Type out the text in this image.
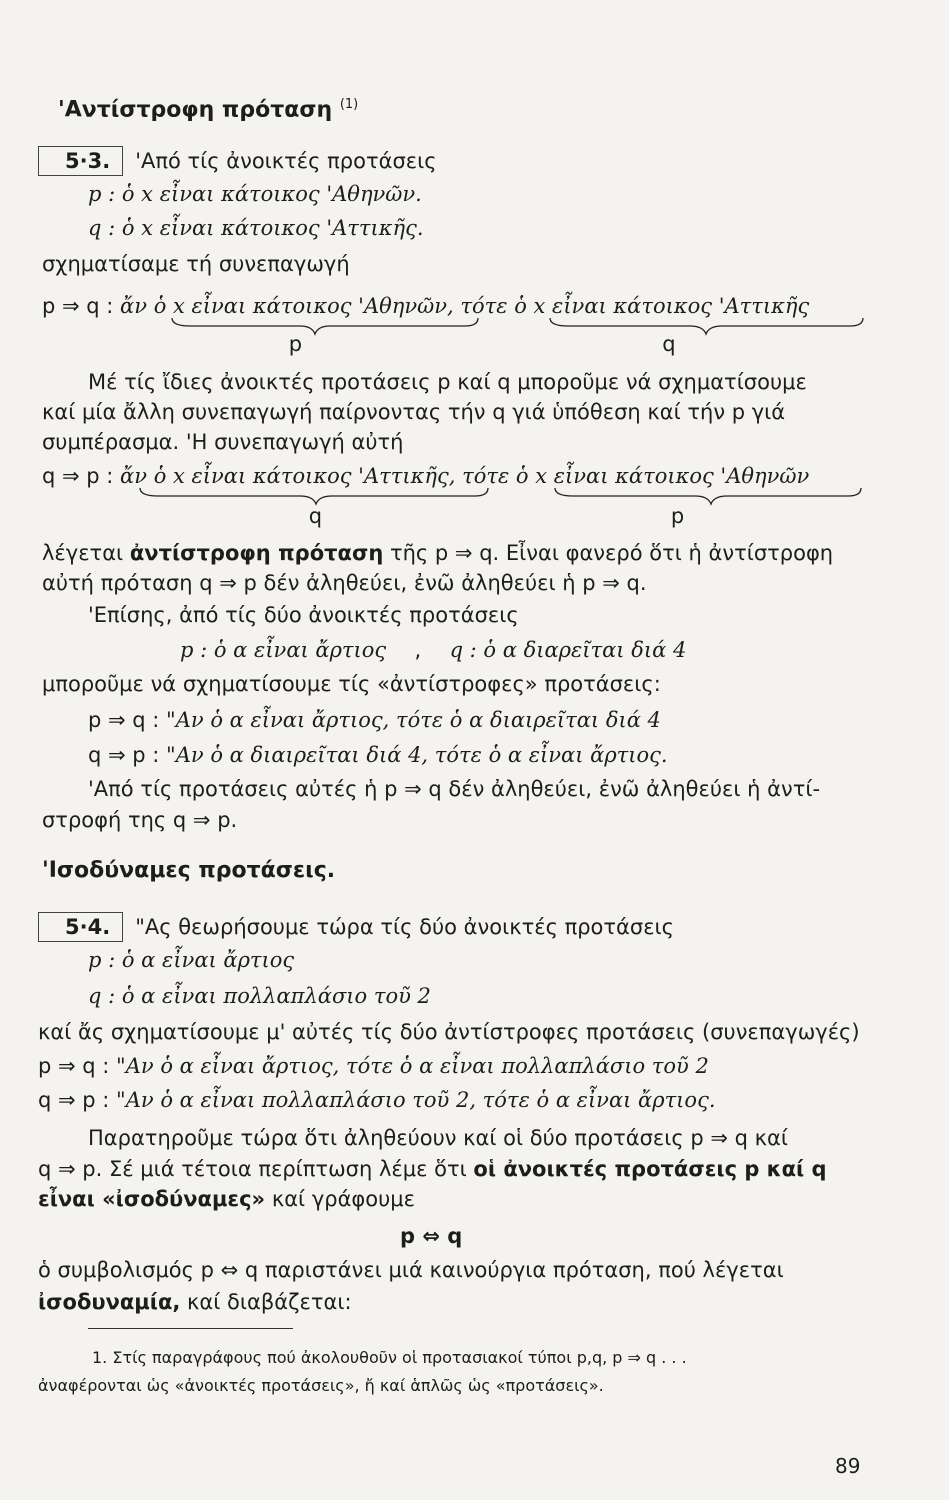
'Αντίστροφη πρόταση $^{(1)}$
5·3. 'Από τίς ἀνοικτές προτάσεις
p : ὁ x εἶναι κάτοικος 'Αθηνῶν.
q : ὁ x εἶναι κάτοικος 'Αττικῆς.
σχηματίσαμε τή συνεπαγωγή
p ⇒ q : ἄν ὁ x εἶναι κάτοικος 'Αθηνῶν,
p
τότε ὁ x εἶναι κάτοικος 'Αττικῆς
q
Μέ τίς ἴδιες ἀνοικτές προτάσεις p καί q μποροῦμε νά σχηματίσουμε
καί μία ἄλλη συνεπαγωγή παίρνοντας τήν q γιά ὑπόθεση καί τήν p γιά
συμπέρασμα. 'Η συνεπαγωγή αὐτή
q ⇒ p : ἄν ὁ x εἶναι κάτοικος 'Αττικῆς,
q
τότε ὁ x εἶναι κάτοικος 'Αθηνῶν
p
λέγεται ἀντίστροφη πρόταση τῆς p ⇒ q. Εἶναι φανερό ὅτι ἡ ἀντίστροφη
αὐτή πρόταση q ⇒ p δέν ἀληθεύει, ἐνῶ ἀληθεύει ἡ p ⇒ q.
'Επίσης, ἀπό τίς δύο ἀνοικτές προτάσεις
p : ὁ α εἶναι ἄρτιος , q : ὁ α διαρεῖται διά 4
μποροῦμε νά σχηματίσουμε τίς «ἀντίστροφες» προτάσεις:
p ⇒ q : "Αν ὁ α εἶναι ἄρτιος, τότε ὁ α διαιρεῖται διά 4
q ⇒ p : "Αν ὁ α διαιρεῖται διά 4, τότε ὁ α εἶναι ἄρτιος.
'Από τίς προτάσεις αὐτές ἡ p ⇒ q δέν ἀληθεύει, ἐνῶ ἀληθεύει ἡ ἀντί-
στροφή της q ⇒ p.
'Ισοδύναμες προτάσεις.
5·4. "Ας θεωρήσουμε τώρα τίς δύο ἀνοικτές προτάσεις
p : ὁ α εἶναι ἄρτιος
q : ὁ α εἶναι πολλαπλάσιο τοῦ 2
καί ἄς σχηματίσουμε μ' αὐτές τίς δύο ἀντίστροφες προτάσεις (συνεπαγωγές)
p ⇒ q : "Αν ὁ α εἶναι ἄρτιος, τότε ὁ α εἶναι πολλαπλάσιο τοῦ 2
q ⇒ p : "Αν ὁ α εἶναι πολλαπλάσιο τοῦ 2, τότε ὁ α εἶναι ἄρτιος.
Παρατηροῦμε τώρα ὅτι ἀληθεύουν καί οἱ δύο προτάσεις p ⇒ q καί
q ⇒ p. Σέ μιά τέτοια περίπτωση λέμε ὅτι οἱ ἀνοικτές προτάσεις p καί q
εἶναι «ἰσοδύναμες» καί γράφουμε
p ⇔ q
ὁ συμβολισμός p ⇔ q παριστάνει μιά καινούργια πρόταση, πού λέγεται
ἰσοδυναμία, καί διαβάζεται:
1. Στίς παραγράφους πού ἀκολουθοῦν οἱ προτασιακοί τύποι p,q, p ⇒ q . . .
ἀναφέρονται ὡς «ἀνοικτές προτάσεις», ἤ καί ἁπλῶς ὡς «προτάσεις».
89
